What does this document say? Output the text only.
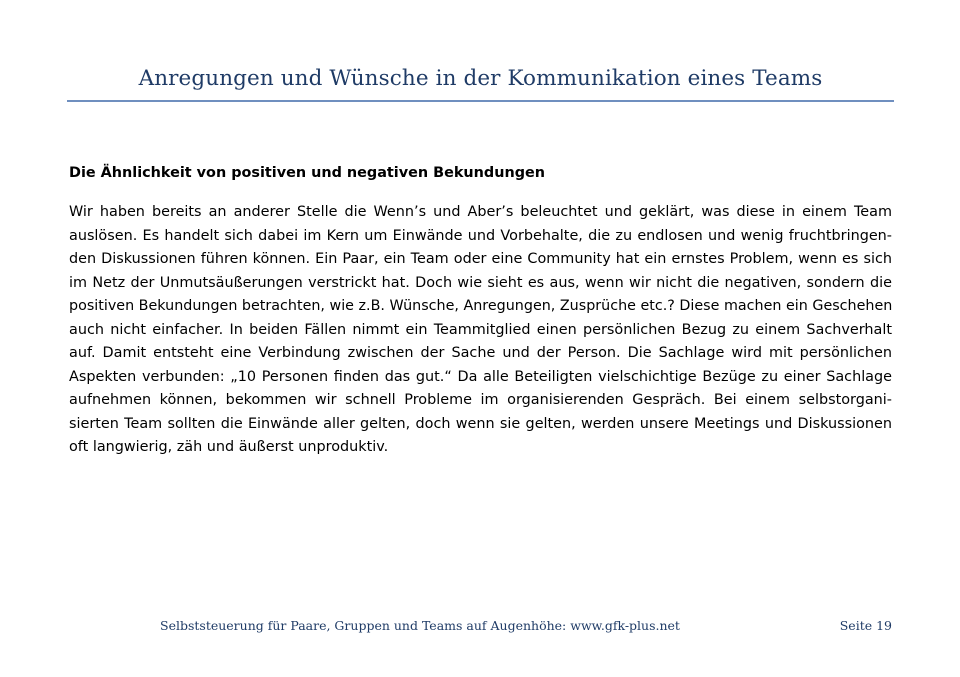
Anregungen und Wünsche in der Kommunikation eines Teams
Die Ähnlichkeit von positiven und negativen Bekundungen
Wir haben bereits an anderer Stelle die Wenn’s und Aber’s beleuchtet und geklärt, was diese in einem Team
auslösen. Es handelt sich dabei im Kern um Einwände und Vorbehalte, die zu endlosen und wenig fruchtbringen-
den Diskussionen führen können. Ein Paar, ein Team oder eine Community hat ein ernstes Problem, wenn es sich
im Netz der Unmutsäußerungen verstrickt hat. Doch wie sieht es aus, wenn wir nicht die negativen, sondern die
positiven Bekundungen betrachten, wie z.B. Wünsche, Anregungen, Zusprüche etc.? Diese machen ein Geschehen
auch nicht einfacher. In beiden Fällen nimmt ein Teammitglied einen persönlichen Bezug zu einem Sachverhalt
auf. Damit entsteht eine Verbindung zwischen der Sache und der Person. Die Sachlage wird mit persönlichen
Aspekten verbunden: „10 Personen finden das gut.“ Da alle Beteiligten vielschichtige Bezüge zu einer Sachlage
aufnehmen können, bekommen wir schnell Probleme im organisierenden Gespräch. Bei einem selbstorgani-
sierten Team sollten die Einwände aller gelten, doch wenn sie gelten, werden unsere Meetings und Diskussionen
oft langwierig, zäh und äußerst unproduktiv.
Selbststeuerung für Paare, Gruppen und Teams auf Augenhöhe: www.gfk-plus.net	Seite 19
